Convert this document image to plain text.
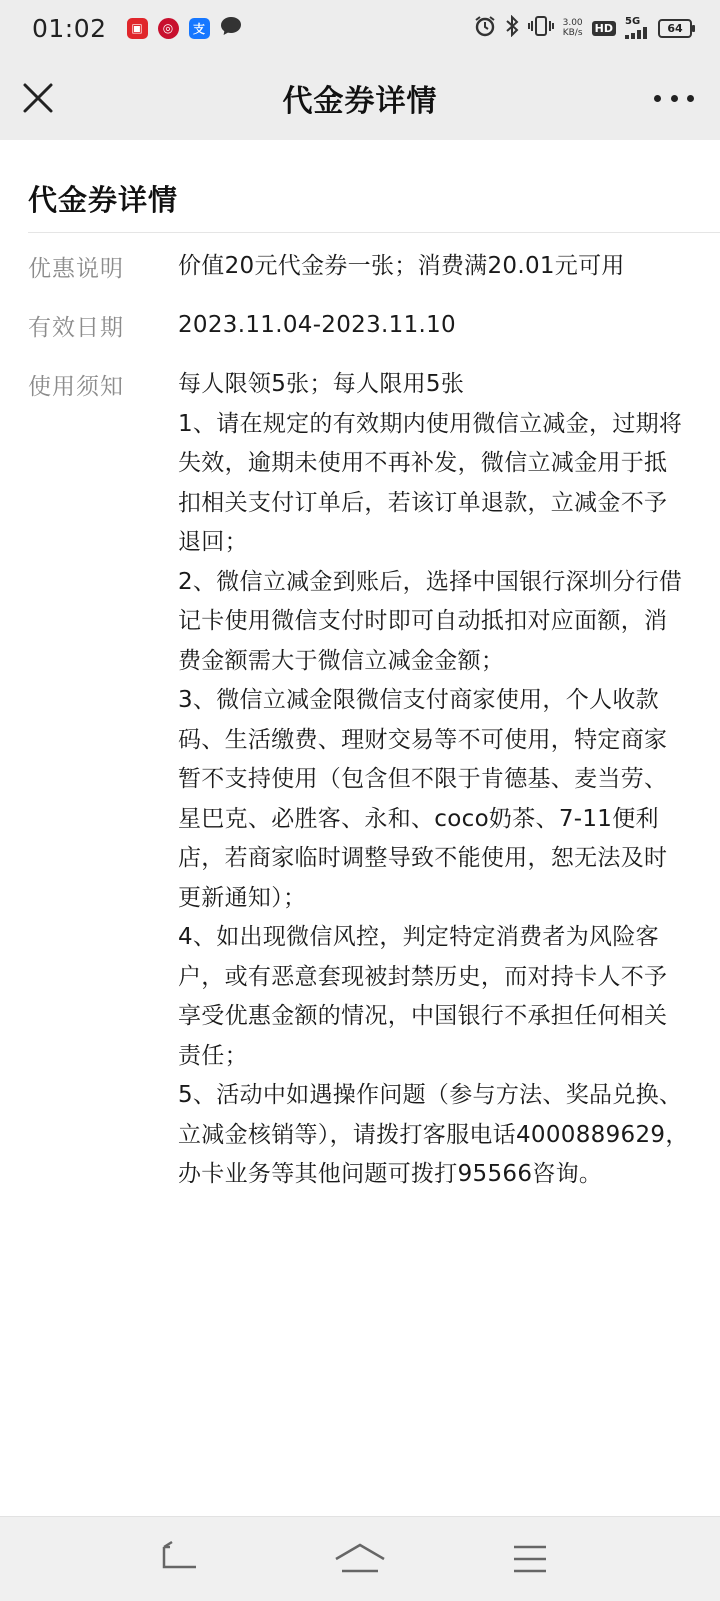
01:02	▣	◎	支	3.00
KB/s HD	5G 64
代金券详情
代金券详情
优惠说明 价值20元代金券一张；消费满20.01元可用
有效日期 2023.11.04-2023.11.10
使用须知 每人限领5张；每人限用5张
1、请在规定的有效期内使用微信立减金，过期将失效，逾期未使用不再补发，微信立减金用于抵扣相关支付订单后，若该订单退款，立减金不予退回；
2、微信立减金到账后，选择中国银行深圳分行借记卡使用微信支付时即可自动抵扣对应面额，消费金额需大于微信立减金金额；
3、微信立减金限微信支付商家使用，个人收款码、生活缴费、理财交易等不可使用，特定商家暂不支持使用（包含但不限于肯德基、麦当劳、星巴克、必胜客、永和、coco奶茶、7-11便利店，若商家临时调整导致不能使用，恕无法及时更新通知）；
4、如出现微信风控，判定特定消费者为风险客户，或有恶意套现被封禁历史，而对持卡人不予享受优惠金额的情况，中国银行不承担任何相关责任；
5、活动中如遇操作问题（参与方法、奖品兑换、立减金核销等），请拨打客服电话4000889629，办卡业务等其他问题可拨打95566咨询。
